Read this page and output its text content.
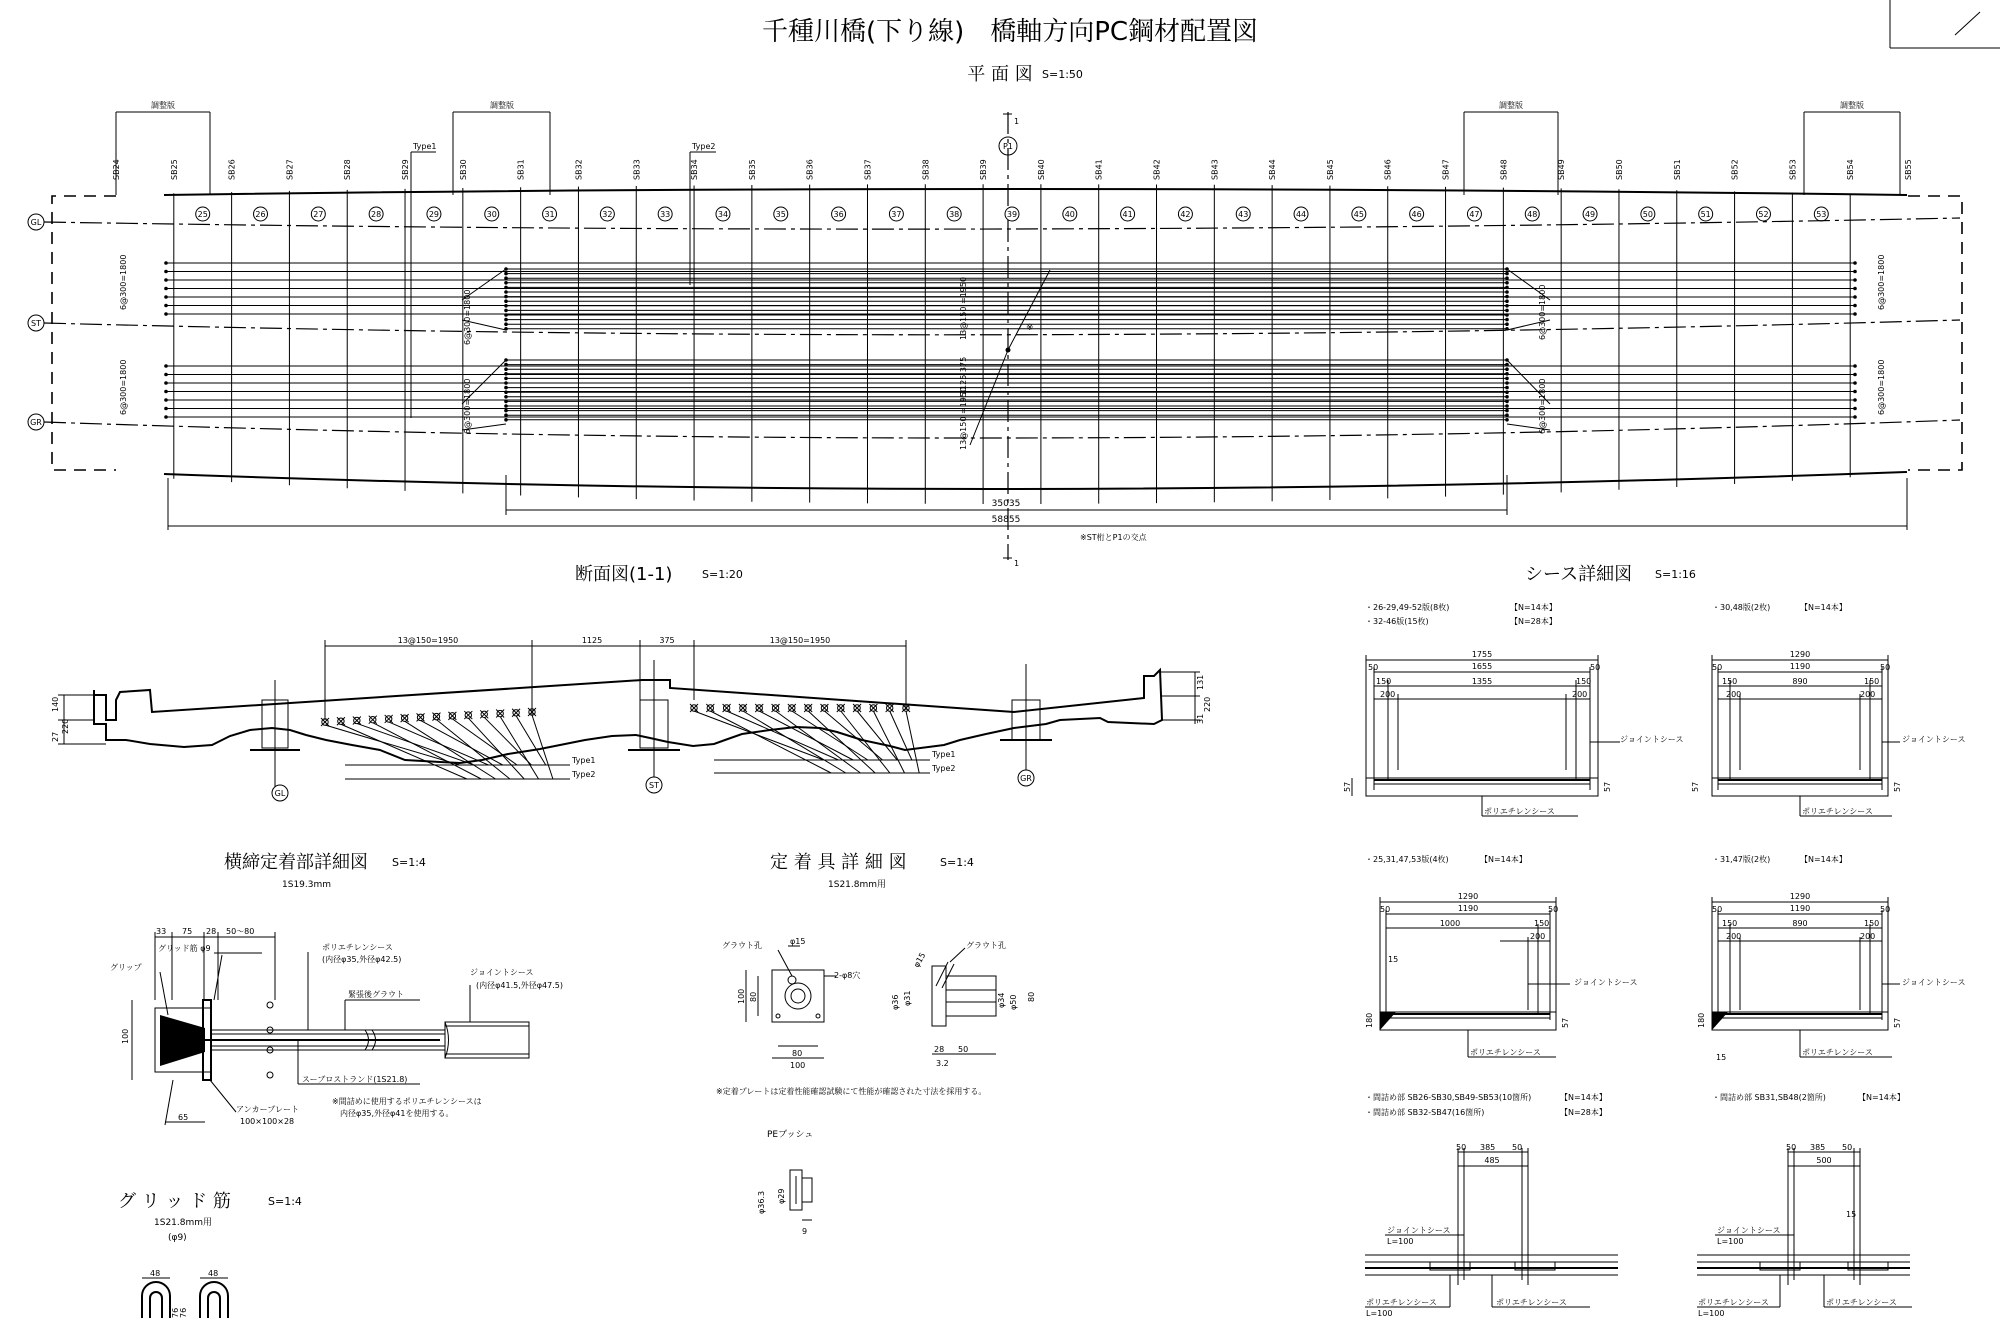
千種川橋(下り線)　橋軸方向PC鋼材配置図
平 面 図 S=1:50
調整版	調整版	調整版	調整版
Type1	Type2	P1
1
1
SB24	SB25	SB26	SB27	SB28	SB29	SB30	SB31	SB32	SB33	SB34	SB35	SB36	SB37	SB38	SB39	SB40	SB41	SB42	SB43	SB44	SB45	SB46	SB47	SB48	SB49	SB50	SB51	SB52	SB53	SB54	SB55
25	26	27	28	29	30	31	32	33	34	35	36	37	38	39	40	41	42	43	44	45	46	47	48	49	50	51	52	53
GL
ST
GR
6@300=1800
6@300=1800
6@300=1800
6@300=1800
6@300=1800
6@300=1800
6@300=1800
6@300=1800
13@150 =1950
1125 375
13@150 =1950
※
35035
58855
※ST桁とP1の交点
断面図(1-1)	S=1:20
GL
ST
GR
13@150=1950	1125	375	13@150=1950
140
220
27
131
220
31
Type1
Type2
Type1
Type2
シース詳細図 S=1:16
・26-29,49-52版(8枚)	【N=14本】
・32-46版(15枚)	【N=28本】
1755
50	1655	50
150	1355	150
200	200
57	57
ジョイントシース
ポリエチレンシース
・30,48版(2枚)	【N=14本】
1290
50	1190	50
150	890	150
200	200
57	57
ジョイントシース
ポリエチレンシース
・25,31,47,53版(4枚)	【N=14本】
1290
50	1190	50
1000	150
200
15
180	57
ジョイントシース
ポリエチレンシース
・31,47版(2枚)	【N=14本】
1290
50	1190	50
150	890	150
200	200
180	57
15
ジョイントシース
ポリエチレンシース
・間詰め部 SB26-SB30,SB49-SB53(10箇所)	【N=14本】
・間詰め部 SB32-SB47(16箇所)	【N=28本】
50 385 50
485
ジョイントシース
L=100
ポリエチレンシース
L=100
ポリエチレンシース
・間詰め部 SB31,SB48(2箇所)	【N=14本】
50 385 50
500
15
ジョイントシース
L=100
ポリエチレンシース
L=100
ポリエチレンシース
横締定着部詳細図 S=1:4
1S19.3mm
33 75 28 50～80
100
65
グリップ
グリッド筋 φ9	ポリエチレンシース
(内径φ35,外径φ42.5)
緊張後グラウト
ジョイントシース
(内径φ41.5,外径φ47.5)
スーブロストランド(1S21.8)
アンカープレート
100×100×28
※間詰めに使用するポリエチレンシースは
内径φ35,外径φ41を使用する。
定 着 具 詳 細 図	S=1:4
1S21.8mm用
グラウト孔	φ15
2-φ8穴
100 80
100
80
φ15
グラウト孔
φ36 φ31	φ34 φ50 80
28 50
3.2
※定着プレートは定着性能確認試験にて性能が確認された寸法を採用する。
PEブッシュ
φ36.3 φ29
9
グ リ ッ ド 筋	S=1:4
1S21.8mm用
(φ9)
48	48
76 76
